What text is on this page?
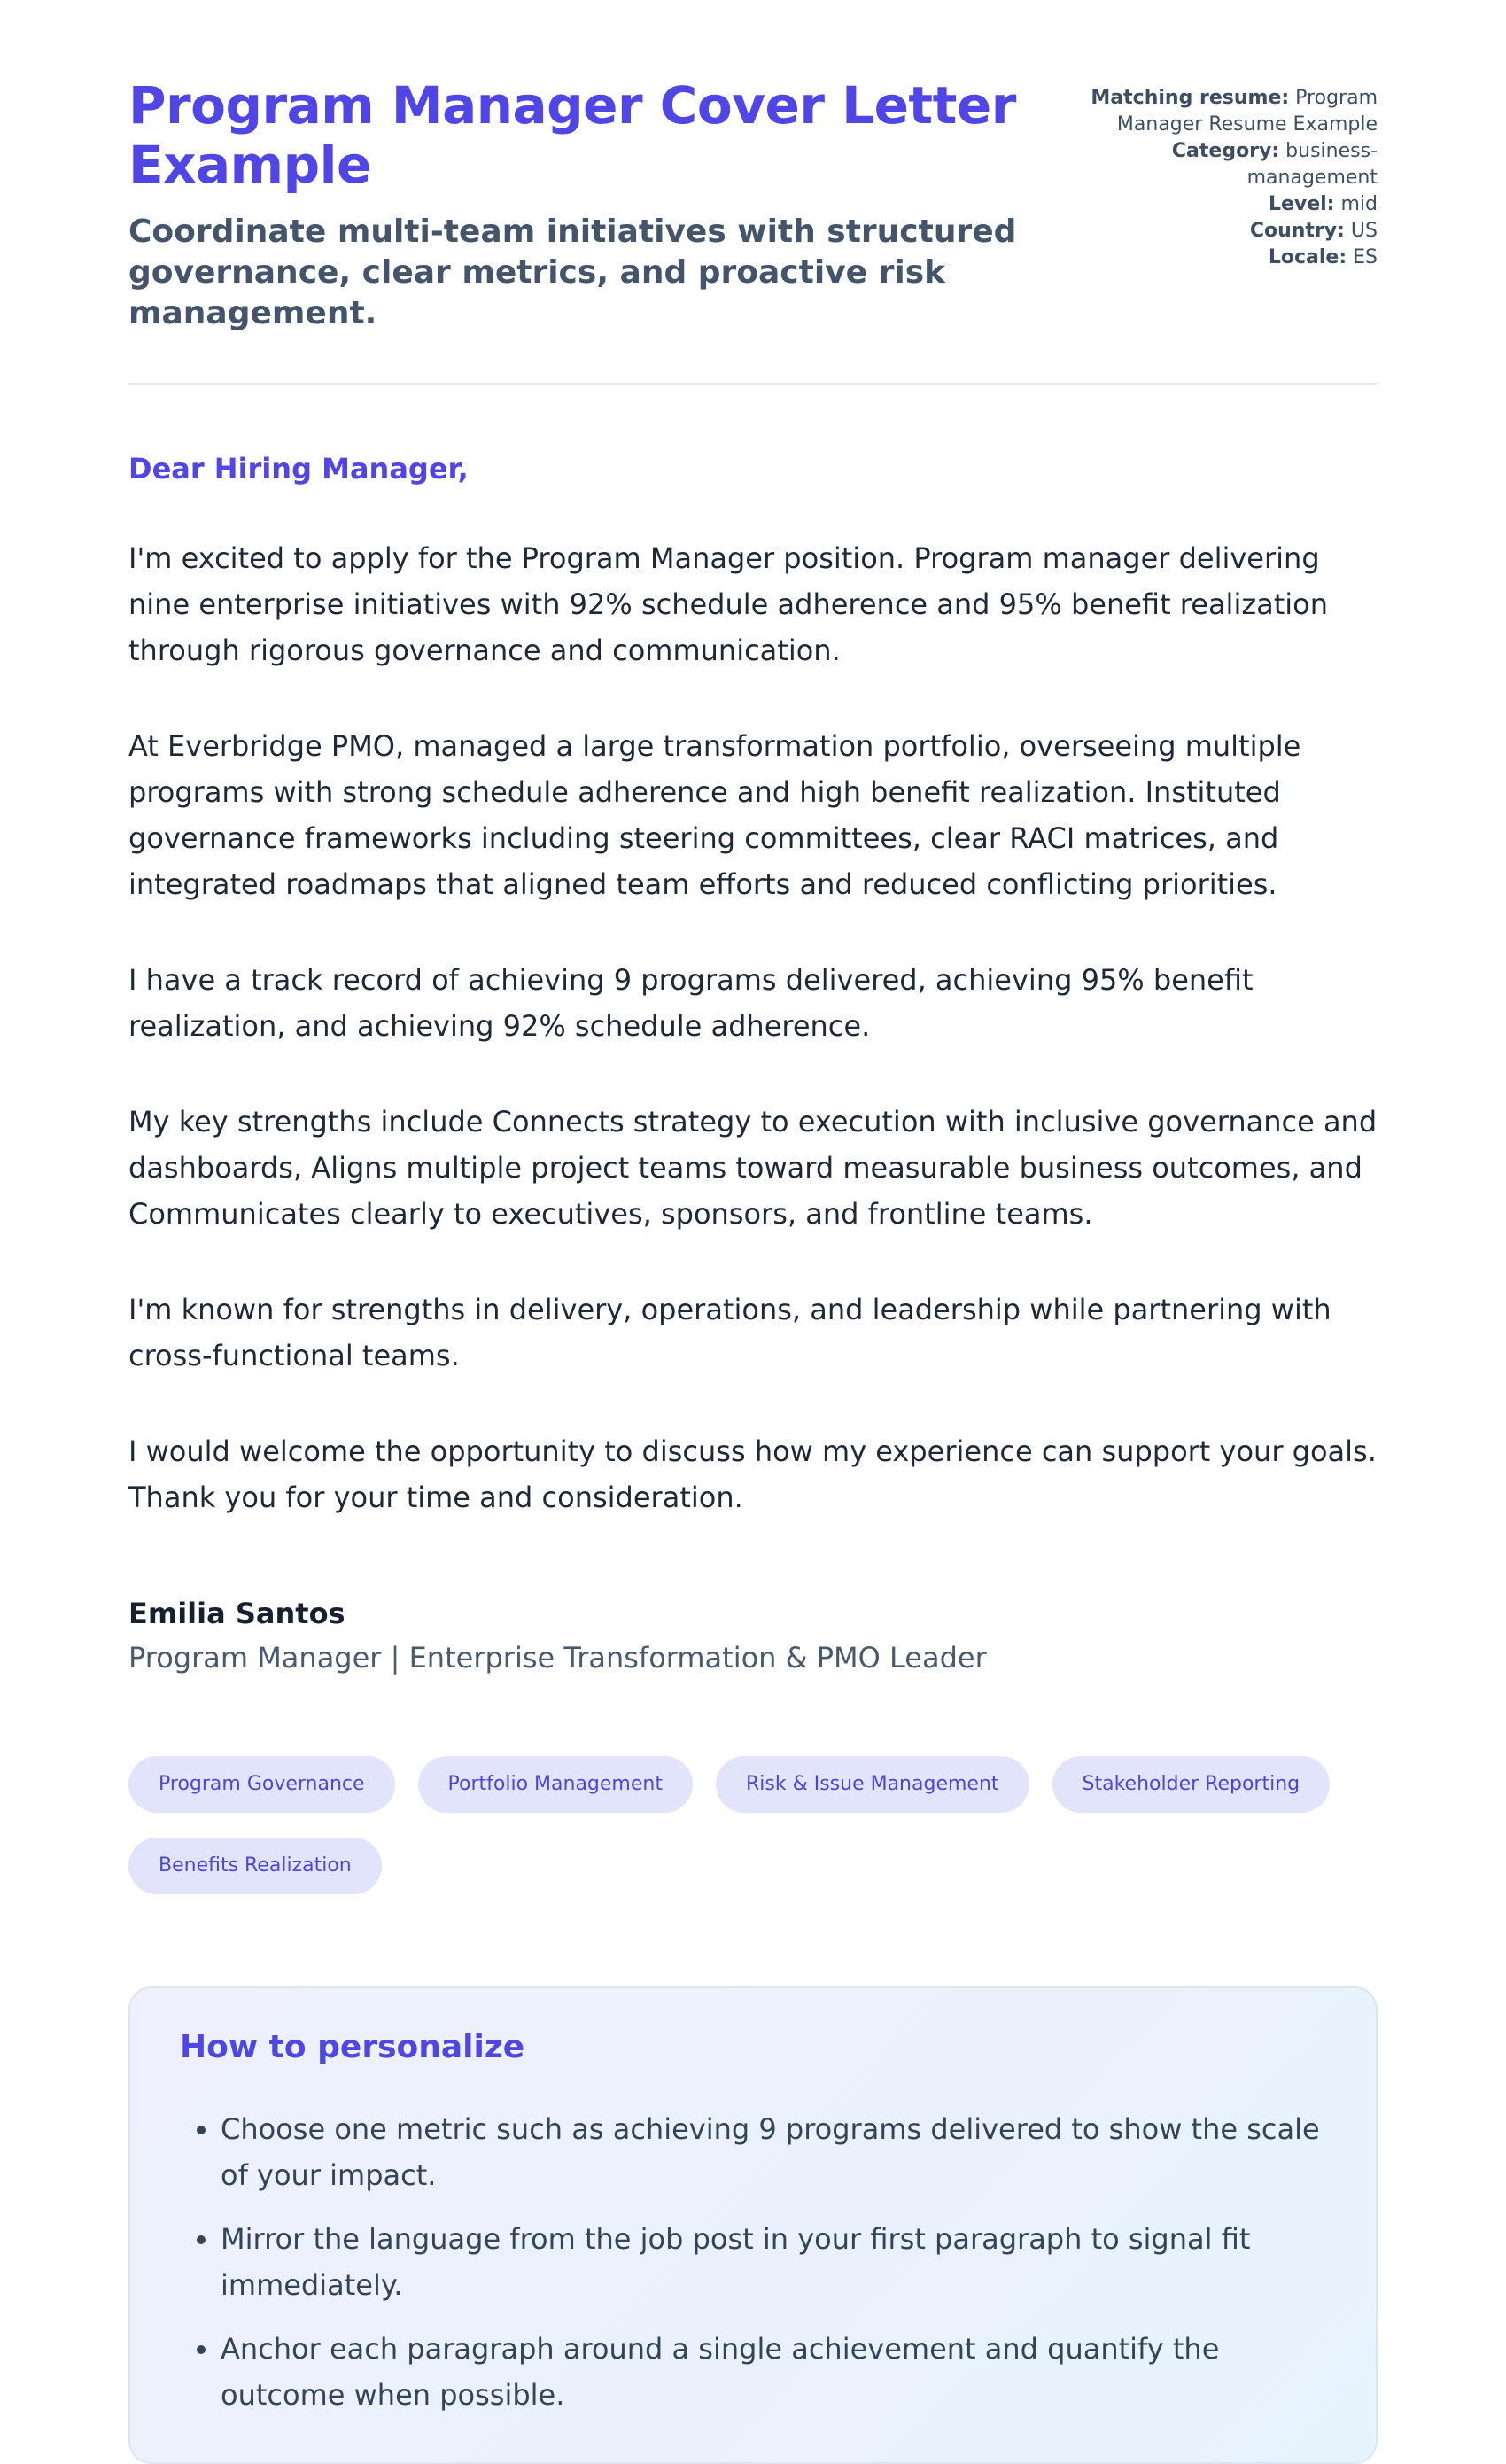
Program Manager Cover Letter Example

Coordinate multi-team initiatives with structured governance, clear metrics, and proactive risk management.

Matching resume: Program Manager Resume Example
Category: business-management
Level: mid
Country: US
Locale: ES

Dear Hiring Manager,

I'm excited to apply for the Program Manager position. Program manager delivering nine enterprise initiatives with 92% schedule adherence and 95% benefit realization through rigorous governance and communication.

At Everbridge PMO, managed a large transformation portfolio, overseeing multiple programs with strong schedule adherence and high benefit realization. Instituted governance frameworks including steering committees, clear RACI matrices, and integrated roadmaps that aligned team efforts and reduced conflicting priorities.

I have a track record of achieving 9 programs delivered, achieving 95% benefit realization, and achieving 92% schedule adherence.

My key strengths include Connects strategy to execution with inclusive governance and dashboards, Aligns multiple project teams toward measurable business outcomes, and Communicates clearly to executives, sponsors, and frontline teams.

I'm known for strengths in delivery, operations, and leadership while partnering with cross-functional teams.

I would welcome the opportunity to discuss how my experience can support your goals. Thank you for your time and consideration.

Emilia Santos

Program Manager | Enterprise Transformation & PMO Leader

Program Governance	Portfolio Management	Risk & Issue Management	Stakeholder Reporting
Benefits Realization

How to personalize

• Choose one metric such as achieving 9 programs delivered to show the scale of your impact.
• Mirror the language from the job post in your first paragraph to signal fit immediately.
• Anchor each paragraph around a single achievement and quantify the outcome when possible.
